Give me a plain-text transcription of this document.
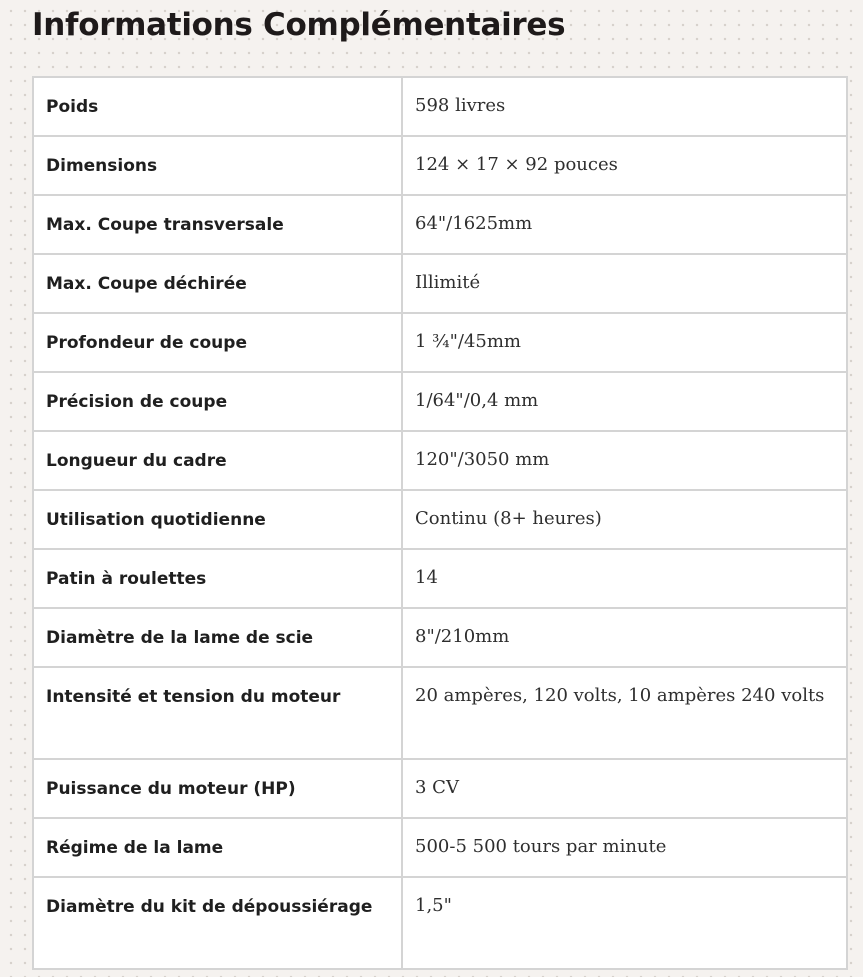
Informations Complémentaires
Poids	598 livres

Dimensions	124 × 17 × 92 pouces

Max. Coupe transversale	64"/1625mm

Max. Coupe déchirée	Illimité

Profondeur de coupe	1 ¾"/45mm

Précision de coupe	1/64"/0,4 mm

Longueur du cadre	120"/3050 mm

Utilisation quotidienne	Continu (8+ heures)

Patin à roulettes	14

Diamètre de la lame de scie	8"/210mm

Intensité et tension du moteur	20 ampères, 120 volts, 10 ampères 240 volts

Puissance du moteur (HP)	3 CV

Régime de la lame	500-5 500 tours par minute

Diamètre du kit de dépoussiérage	1,5"
